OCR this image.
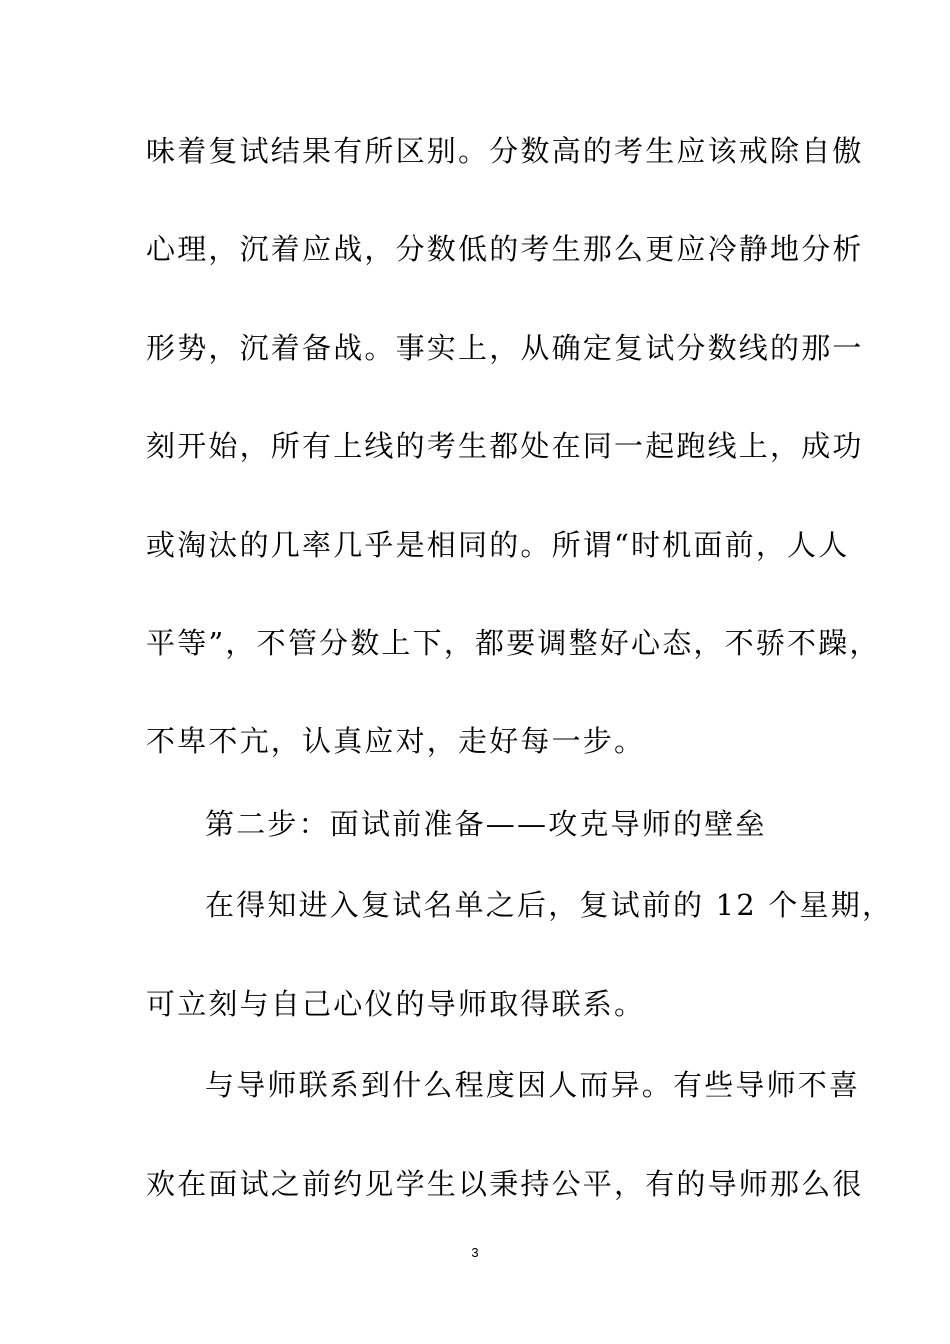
味着复试结果有所区别。分数高的考生应该戒除自傲
心理，沉着应战，分数低的考生那么更应冷静地分析
形势，沉着备战。事实上，从确定复试分数线的那一
刻开始，所有上线的考生都处在同一起跑线上，成功
或淘汰的几率几乎是相同的。所谓“时机面前，人人
平等”，不管分数上下，都要调整好心态，不骄不躁，
不卑不亢，认真应对，走好每一步。
第二步：面试前准备——攻克导师的壁垒
在得知进入复试名单之后，复试前的 12 个星期，
可立刻与自己心仪的导师取得联系。
与导师联系到什么程度因人而异。有些导师不喜
欢在面试之前约见学生以秉持公平，有的导师那么很
3
